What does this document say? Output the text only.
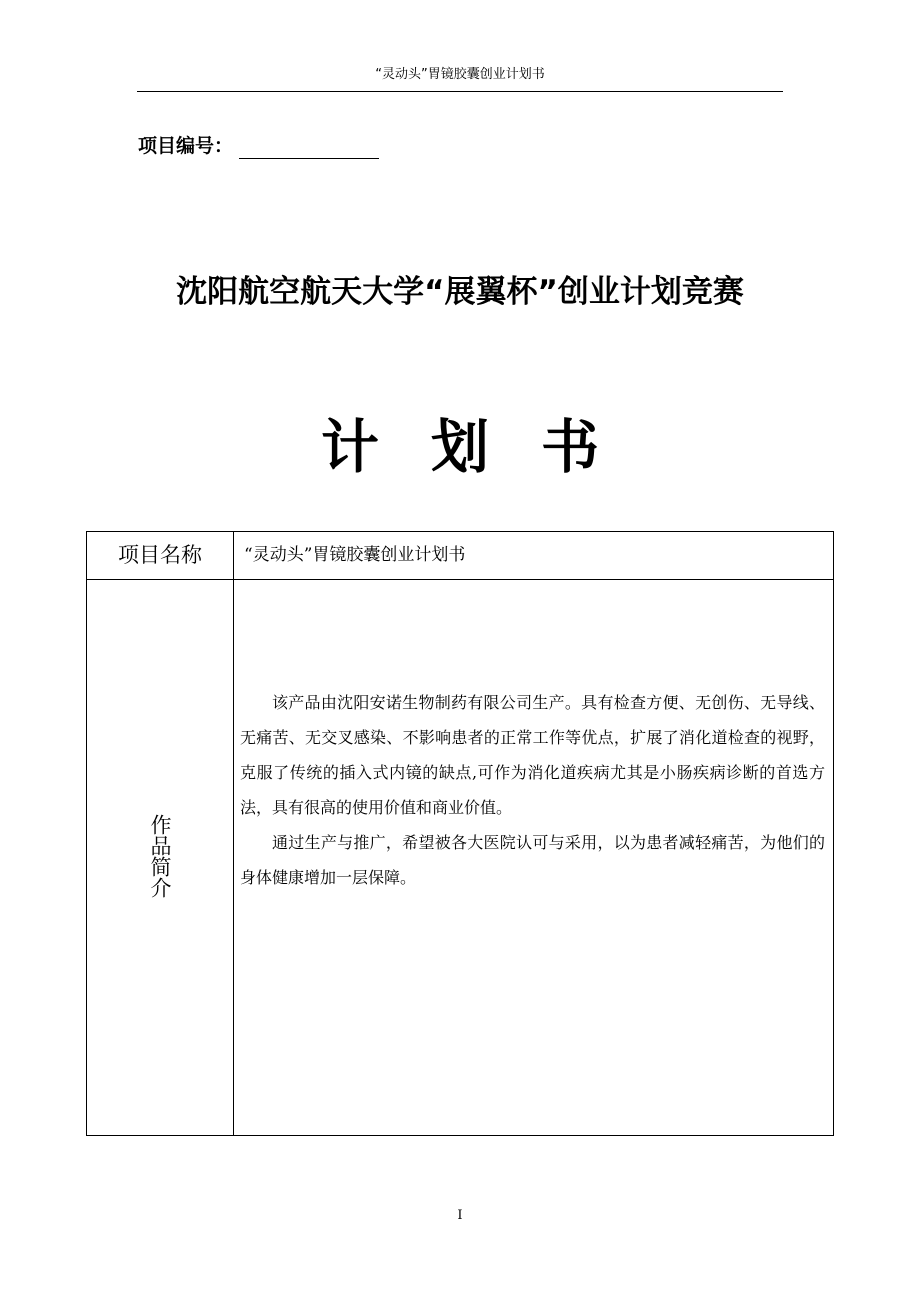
“灵动头”胃镜胶囊创业计划书
项目编号：
沈阳航空航天大学“展翼杯”创业计划竞赛
计划书
项目名称	“灵动头”胃镜胶囊创业计划书
作品简介	该产品由沈阳安诺生物制药有限公司生产。具有检查方便、无创伤、无导线、无痛苦、无交叉感染、不影响患者的正常工作等优点，扩展了消化道检查的视野，克服了传统的插入式内镜的缺点,可作为消化道疾病尤其是小肠疾病诊断的首选方法，具有很高的使用价值和商业价值。

通过生产与推广，希望被各大医院认可与采用，以为患者减轻痛苦，为他们的身体健康增加一层保障。

I
